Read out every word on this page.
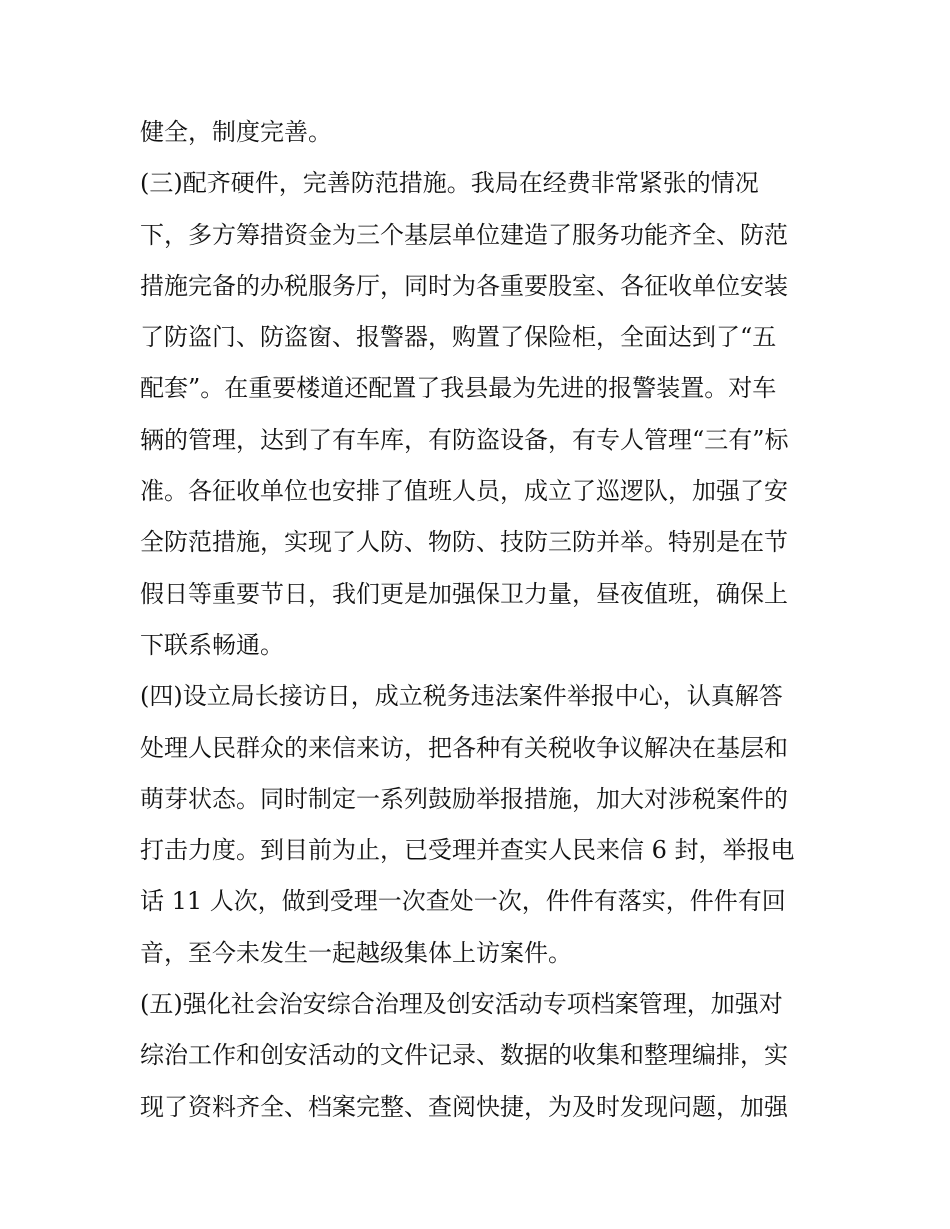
健全，制度完善。
(三)配齐硬件，完善防范措施。我局在经费非常紧张的情况
下，多方筹措资金为三个基层单位建造了服务功能齐全、防范
措施完备的办税服务厅，同时为各重要股室、各征收单位安装
了防盗门、防盗窗、报警器，购置了保险柜，全面达到了“五
配套”。在重要楼道还配置了我县最为先进的报警装置。对车
辆的管理，达到了有车库，有防盗设备，有专人管理“三有”标
准。各征收单位也安排了值班人员，成立了巡逻队，加强了安
全防范措施，实现了人防、物防、技防三防并举。特别是在节
假日等重要节日，我们更是加强保卫力量，昼夜值班，确保上
下联系畅通。
(四)设立局长接访日，成立税务违法案件举报中心，认真解答
处理人民群众的来信来访，把各种有关税收争议解决在基层和
萌芽状态。同时制定一系列鼓励举报措施，加大对涉税案件的
打击力度。到目前为止，已受理并查实人民来信 6 封，举报电
话 11 人次，做到受理一次查处一次，件件有落实，件件有回
音，至今未发生一起越级集体上访案件。
(五)强化社会治安综合治理及创安活动专项档案管理，加强对
综治工作和创安活动的文件记录、数据的收集和整理编排，实
现了资料齐全、档案完整、查阅快捷，为及时发现问题，加强
